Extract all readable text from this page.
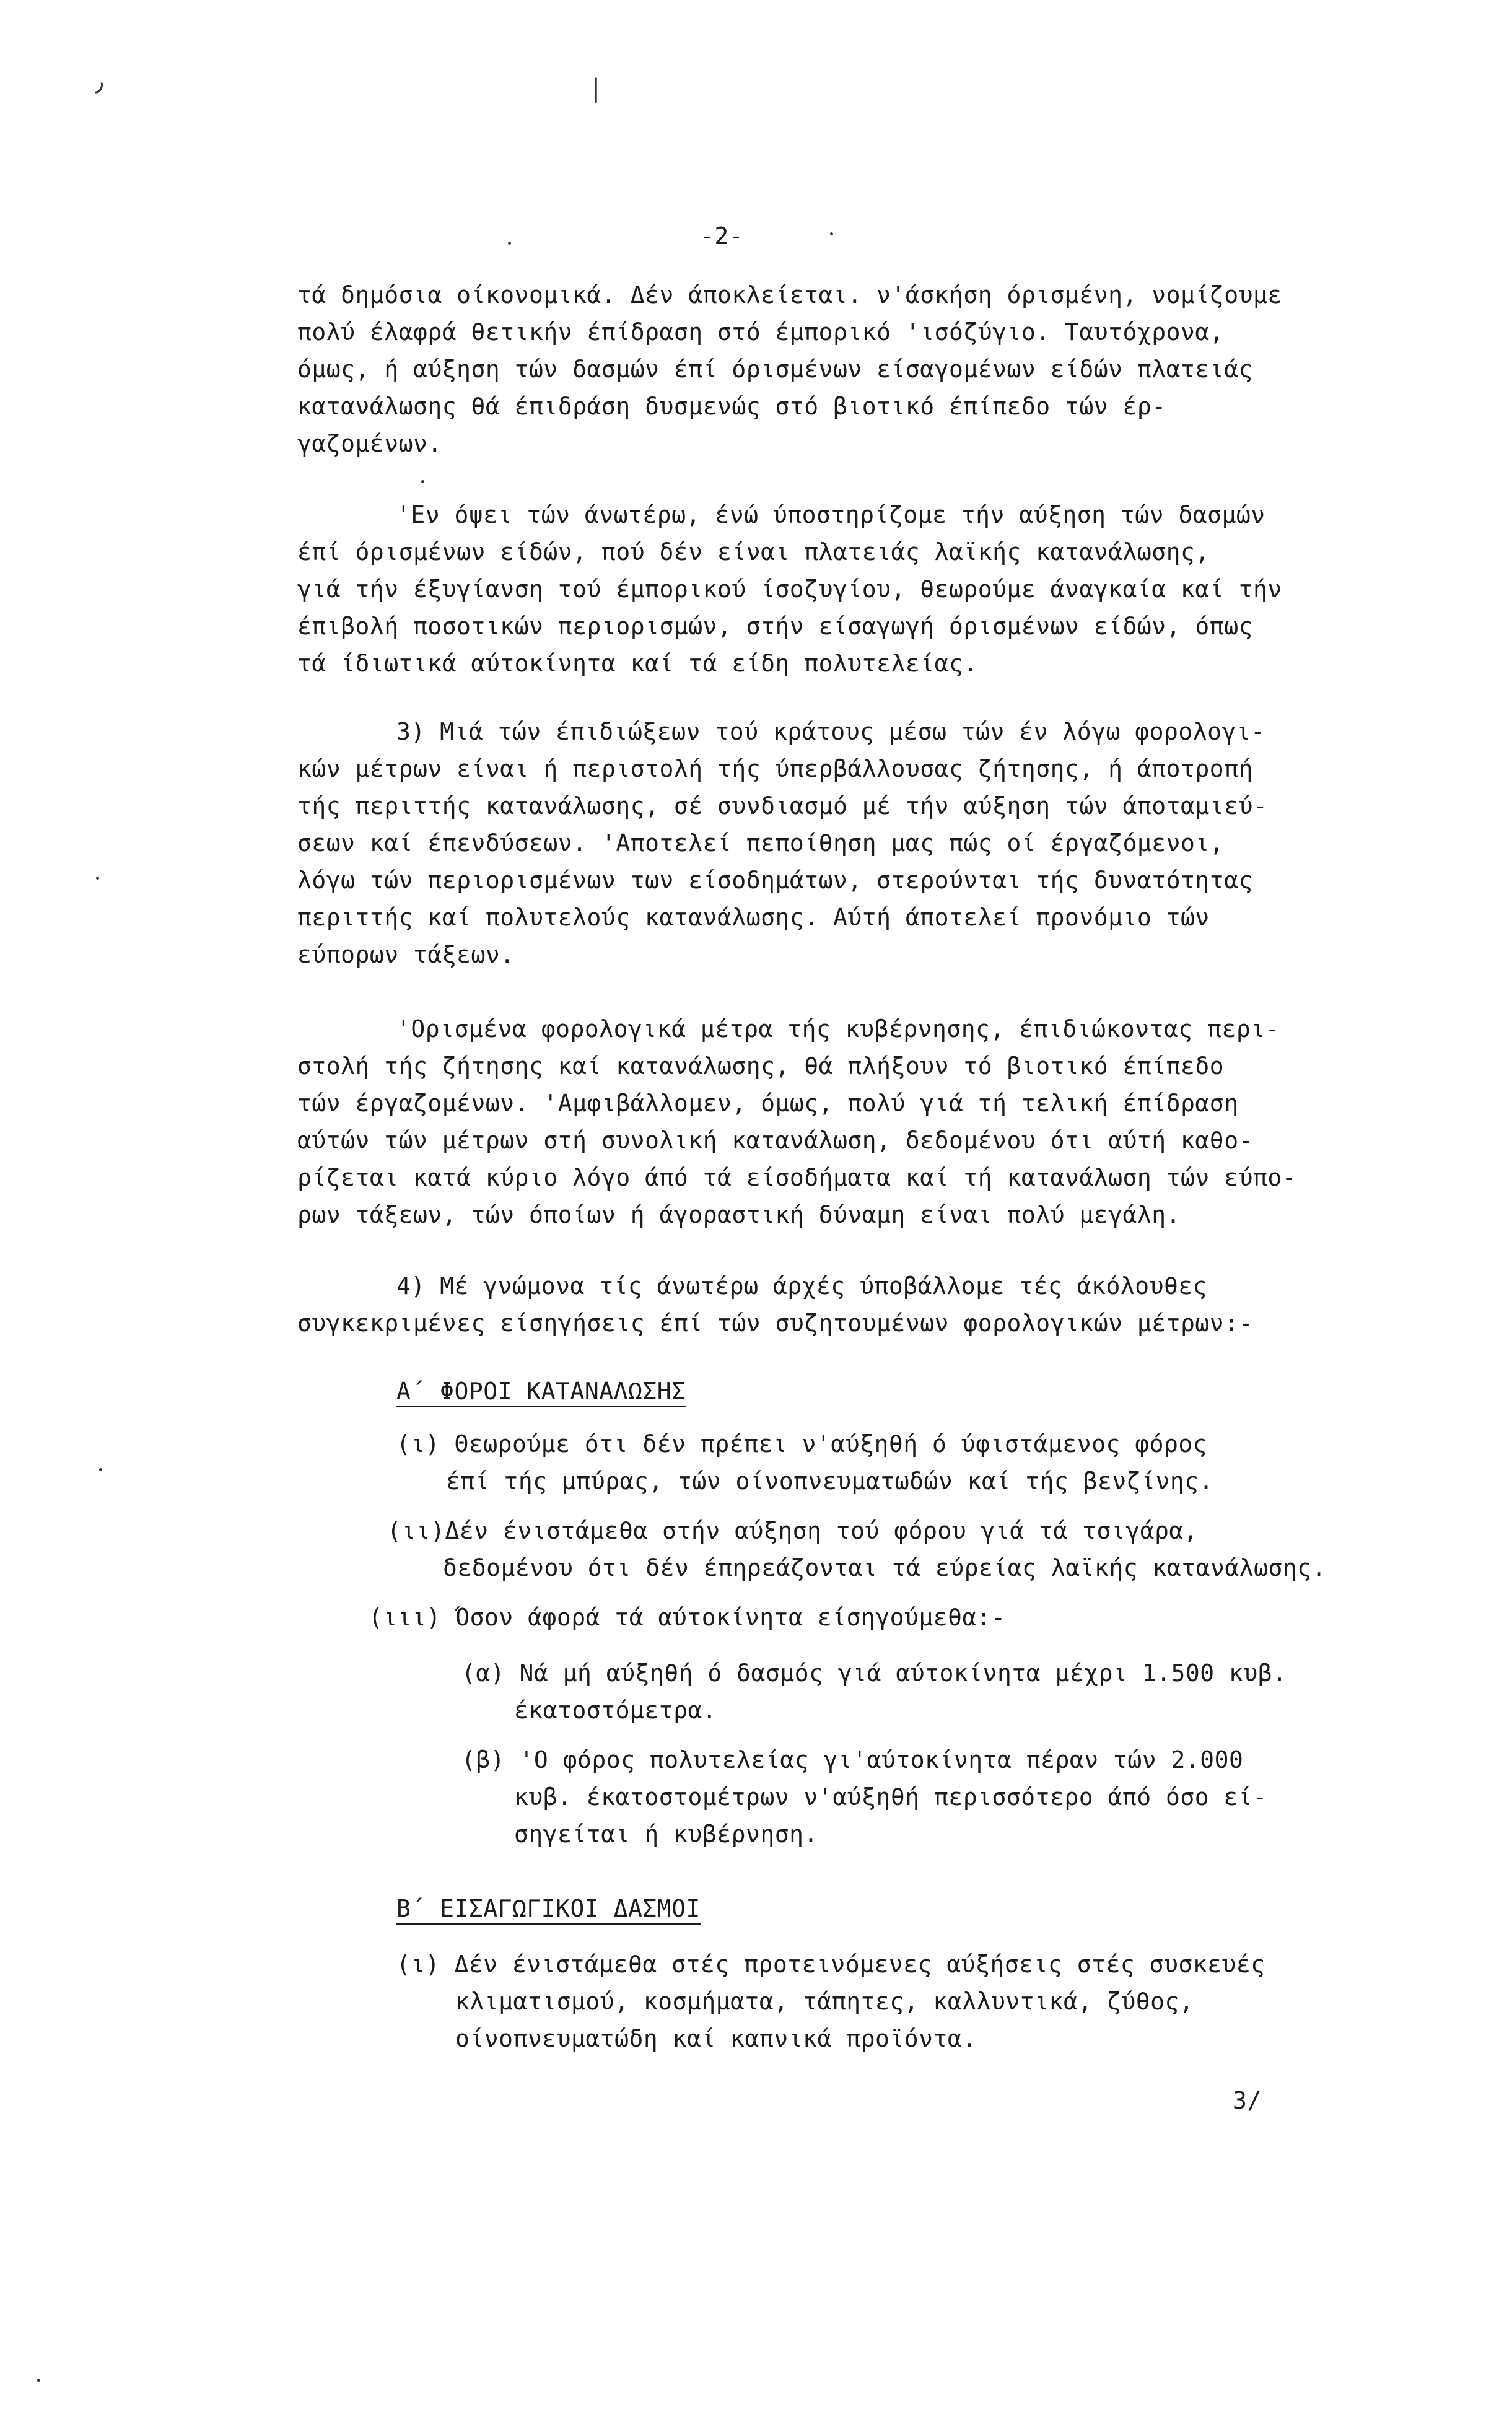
٫	|
-2-
τά δημόσια οίκονομικά. Δέν άποκλείεται. ν'άσκήση όρισμένη, νομίζουμε
πολύ έλαφρά θετικήν έπίδραση στό έμπορικό 'ισόζύγιο. Ταυτόχρονα,
όμως, ή αύξηση τών δασμών έπί όρισμένων είσαγομένων είδών πλατειάς
κατανάλωσης θά έπιδράση δυσμενώς στό βιοτικό έπίπεδο τών έρ-
γαζομένων.
'Εν όψει τών άνωτέρω, ένώ ύποστηρίζομε τήν αύξηση τών δασμών
έπί όρισμένων είδών, πού δέν είναι πλατειάς λαϊκής κατανάλωσης,
γιά τήν έξυγίανση τού έμπορικού ίσοζυγίου, θεωρούμε άναγκαία καί τήν
έπιβολή ποσοτικών περιορισμών, στήν είσαγωγή όρισμένων είδών, όπως
τά ίδιωτικά αύτοκίνητα καί τά είδη πολυτελείας.
3) Μιά τών έπιδιώξεων τού κράτους μέσω τών έν λόγω φορολογι-
κών μέτρων είναι ή περιστολή τής ύπερβάλλουσας ζήτησης, ή άποτροπή
τής περιττής κατανάλωσης, σέ συνδιασμό μέ τήν αύξηση τών άποταμιεύ-
σεων καί έπενδύσεων. 'Αποτελεί πεποίθηση μας πώς οί έργαζόμενοι,
λόγω τών περιορισμένων των είσοδημάτων, στερούνται τής δυνατότητας
περιττής καί πολυτελούς κατανάλωσης. Αύτή άποτελεί προνόμιο τών
εύπορων τάξεων.
'Ορισμένα φορολογικά μέτρα τής κυβέρνησης, έπιδιώκοντας περι-
στολή τής ζήτησης καί κατανάλωσης, θά πλήξουν τό βιοτικό έπίπεδο
τών έργαζομένων. 'Αμφιβάλλομεν, όμως, πολύ γιά τή τελική έπίδραση
αύτών τών μέτρων στή συνολική κατανάλωση, δεδομένου ότι αύτή καθο-
ρίζεται κατά κύριο λόγο άπό τά είσοδήματα καί τή κατανάλωση τών εύπο-
ρων τάξεων, τών όποίων ή άγοραστική δύναμη είναι πολύ μεγάλη.
4) Μέ γνώμονα τίς άνωτέρω άρχές ύποβάλλομε τές άκόλουθες
συγκεκριμένες είσηγήσεις έπί τών συζητουμένων φορολογικών μέτρων:-
Α΄ ΦΟΡΟΙ ΚΑΤΑΝΑΛΩΣΗΣ
(ι) Θεωρούμε ότι δέν πρέπει ν'αύξηθή ό ύφιστάμενος φόρος
έπί τής μπύρας, τών οίνοπνευματωδών καί τής βενζίνης.
(ιι)Δέν ένιστάμεθα στήν αύξηση τού φόρου γιά τά τσιγάρα,
δεδομένου ότι δέν έπηρεάζονται τά εύρείας λαϊκής κατανάλωσης.
(ιιι) Όσον άφορά τά αύτοκίνητα είσηγούμεθα:-
(α) Νά μή αύξηθή ό δασμός γιά αύτοκίνητα μέχρι 1.500 κυβ.
έκατοστόμετρα.
(β) 'Ο φόρος πολυτελείας γι'αύτοκίνητα πέραν τών 2.000
κυβ. έκατοστομέτρων ν'αύξηθή περισσότερο άπό όσο εί-
σηγείται ή κυβέρνηση.
Β΄ ΕΙΣΑΓΩΓΙΚΟΙ ΔΑΣΜΟΙ
(ι) Δέν ένιστάμεθα στές προτεινόμενες αύξήσεις στές συσκευές
κλιματισμού, κοσμήματα, τάπητες, καλλυντικά, ζύθος,
οίνοπνευματώδη καί καπνικά προϊόντα.
3/
